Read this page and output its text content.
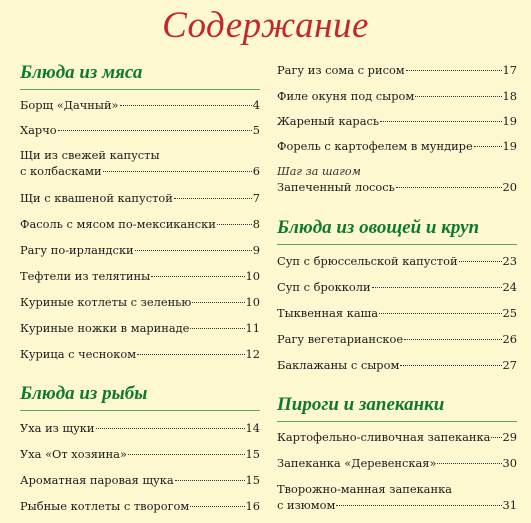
Содержание
Блюда из мяса
Борщ «Дачный»	4
Харчо	5
Щи из свежей капусты
с колбасками	6
Щи с квашеной капустой	7
Фасоль с мясом по-мексикански	8
Рагу по-ирландски	9
Тефтели из телятины	10
Куриные котлеты с зеленью	10
Куриные ножки в маринаде	11
Курица с чесноком	12
Блюда из рыбы
Уха из щуки	14
Уха «От хозяина»	15
Ароматная паровая щука	15
Рыбные котлеты с творогом	16
Рагу из сома с рисом	17
Филе окуня под сыром	18
Жареный карась	19
Форель с картофелем в мундире	19
Шаг за шагом
Запеченный лосось	20
Блюда из овощей и круп
Суп с брюссельской капустой	23
Суп с брокколи	24
Тыквенная каша	25
Рагу вегетарианское	26
Баклажаны с сыром	27
Пироги и запеканки
Картофельно-сливочная запеканка 29
Запеканка «Деревенская»	30
Творожно-манная запеканка
с изюмом	31
